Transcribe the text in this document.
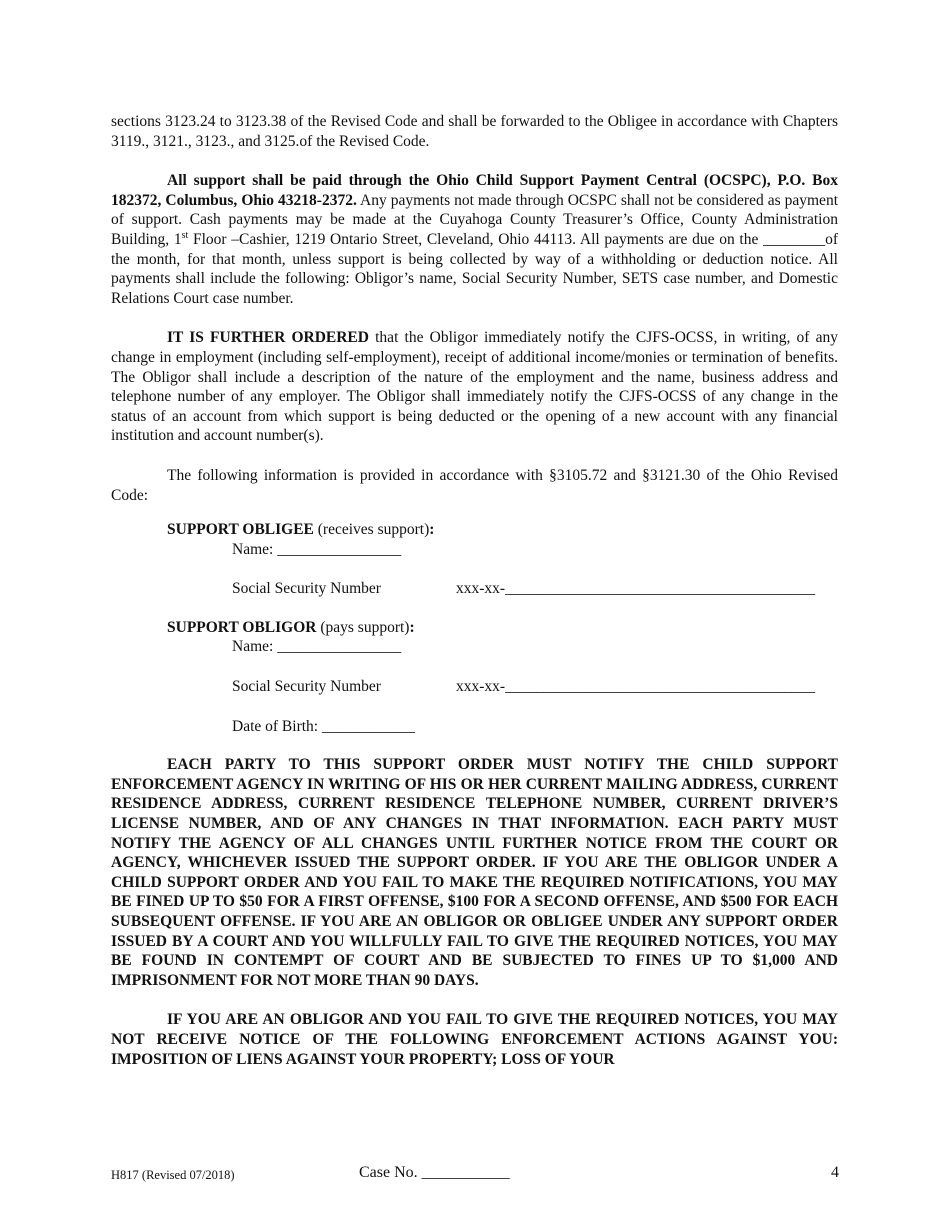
sections 3123.24 to 3123.38 of the Revised Code and shall be forwarded to the Obligee in accordance with Chapters 3119., 3121., 3123., and 3125.of the Revised Code.

All support shall be paid through the Ohio Child Support Payment Central (OCSPC), P.O. Box 182372, Columbus, Ohio 43218-2372. Any payments not made through OCSPC shall not be considered as payment of support. Cash payments may be made at the Cuyahoga County Treasurer’s Office, County Administration Building, 1st Floor –Cashier, 1219 Ontario Street, Cleveland, Ohio 44113. All payments are due on the ________of the month, for that month, unless support is being collected by way of a withholding or deduction notice. All payments shall include the following: Obligor’s name, Social Security Number, SETS case number, and Domestic Relations Court case number.

IT IS FURTHER ORDERED that the Obligor immediately notify the CJFS-OCSS, in writing, of any change in employment (including self-employment), receipt of additional income/monies or termination of benefits. The Obligor shall include a description of the nature of the employment and the name, business address and telephone number of any employer. The Obligor shall immediately notify the CJFS-OCSS of any change in the status of an account from which support is being deducted or the opening of a new account with any financial institution and account number(s).

The following information is provided in accordance with §3105.72 and §3121.30 of the Ohio Revised Code:

SUPPORT OBLIGEE (receives support):
Name: ________________
Social Security Number	xxx-xx-________________________________________
SUPPORT OBLIGOR (pays support):
Name: ________________
Social Security Number	xxx-xx-________________________________________
Date of Birth: ____________

EACH PARTY TO THIS SUPPORT ORDER MUST NOTIFY THE CHILD SUPPORT ENFORCEMENT AGENCY IN WRITING OF HIS OR HER CURRENT MAILING ADDRESS, CURRENT RESIDENCE ADDRESS, CURRENT RESIDENCE TELEPHONE NUMBER, CURRENT DRIVER’S LICENSE NUMBER, AND OF ANY CHANGES IN THAT INFORMATION. EACH PARTY MUST NOTIFY THE AGENCY OF ALL CHANGES UNTIL FURTHER NOTICE FROM THE COURT OR AGENCY, WHICHEVER ISSUED THE SUPPORT ORDER. IF YOU ARE THE OBLIGOR UNDER A CHILD SUPPORT ORDER AND YOU FAIL TO MAKE THE REQUIRED NOTIFICATIONS, YOU MAY BE FINED UP TO $50 FOR A FIRST OFFENSE, $100 FOR A SECOND OFFENSE, AND $500 FOR EACH SUBSEQUENT OFFENSE. IF YOU ARE AN OBLIGOR OR OBLIGEE UNDER ANY SUPPORT ORDER ISSUED BY A COURT AND YOU WILLFULLY FAIL TO GIVE THE REQUIRED NOTICES, YOU MAY BE FOUND IN CONTEMPT OF COURT AND BE SUBJECTED TO FINES UP TO $1,000 AND IMPRISONMENT FOR NOT MORE THAN 90 DAYS.

IF YOU ARE AN OBLIGOR AND YOU FAIL TO GIVE THE REQUIRED NOTICES, YOU MAY NOT RECEIVE NOTICE OF THE FOLLOWING ENFORCEMENT ACTIONS AGAINST YOU: IMPOSITION OF LIENS AGAINST YOUR PROPERTY; LOSS OF YOUR

H817 (Revised 07/2018)	Case No. ___________	4
